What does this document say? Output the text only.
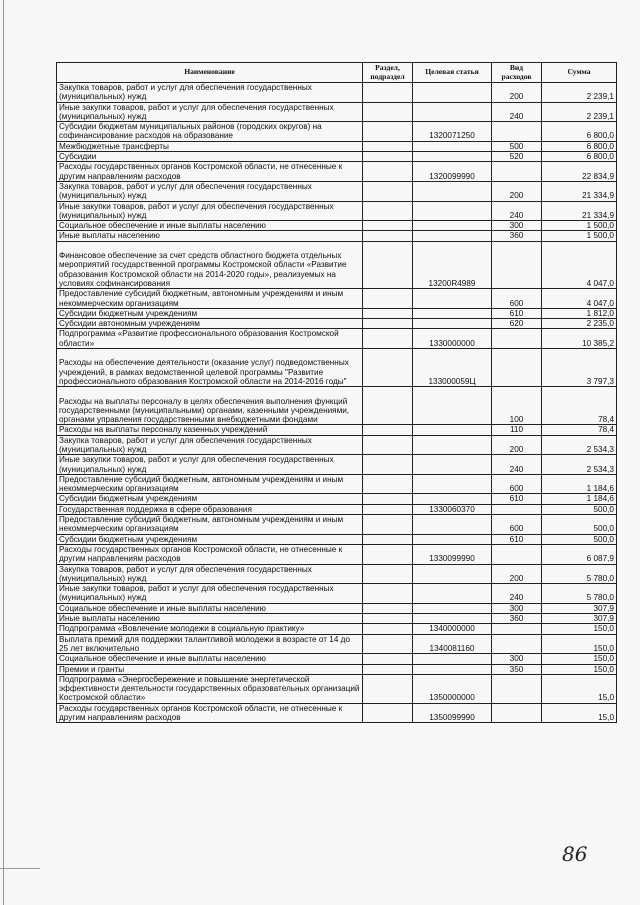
Наименование	Раздел, подраздел	Целевая статья	Вид расходов	Сумма
Закупка товаров, работ и услуг для обеспечения государственных (муниципальных) нужд			200	2 239,1
Иные закупки товаров, работ и услуг для обеспечения государственных (муниципальных) нужд			240	2 239,1
Субсидии бюджетам муниципальных районов (городских округов) на софинансирование расходов на образование		1320071250		6 800,0
Межбюджетные трансферты			500	6 800,0
Субсидии			520	6 800,0
Расходы государственных органов Костромской области, не отнесенные к другим направлениям расходов		1320099990		22 834,9
Закупка товаров, работ и услуг для обеспечения государственных (муниципальных) нужд			200	21 334,9
Иные закупки товаров, работ и услуг для обеспечения государственных (муниципальных) нужд			240	21 334,9
Социальное обеспечение и иные выплаты населению			300	1 500,0
Иные выплаты населению			360	1 500,0
Финансовое обеспечение за счет средств областного бюджета отдельных мероприятий государственной программы Костромской области «Развитие образования Костромской области на 2014-2020 годы», реализуемых на условиях софинансирования		13200R4989		4 047,0
Предоставление субсидий бюджетным, автономным учреждениям и иным некоммерческим организациям			600	4 047,0
Субсидии бюджетным учреждениям			610	1 812,0
Субсидии автономным учреждениям			620	2 235,0
Подпрограмма «Развитие профессионального образования Костромской области»		1330000000		10 385,2
Расходы на обеспечение деятельности (оказание услуг) подведомственных учреждений, в рамках ведомственной целевой программы "Развитие профессионального образования Костромской области на 2014-2016 годы"		133000059Ц		3 797,3
Расходы на выплаты персоналу в целях обеспечения выполнения функций государственными (муниципальными) органами, казенными учреждениями, органами управления государственными внебюджетными фондами			100	78,4
Расходы на выплаты персоналу казенных учреждений			110	78,4
Закупка товаров, работ и услуг для обеспечения государственных (муниципальных) нужд			200	2 534,3
Иные закупки товаров, работ и услуг для обеспечения государственных (муниципальных) нужд			240	2 534,3
Предоставление субсидий бюджетным, автономным учреждениям и иным некоммерческим организациям			600	1 184,6
Субсидии бюджетным учреждениям			610	1 184,6
Государственная поддержка в сфере образования		1330060370		500,0
Предоставление субсидий бюджетным, автономным учреждениям и иным некоммерческим организациям			600	500,0
Субсидии бюджетным учреждениям			610	500,0
Расходы государственных органов Костромской области, не отнесенные к другим направлениям расходов		1330099990		6 087,9
Закупка товаров, работ и услуг для обеспечения государственных (муниципальных) нужд			200	5 780,0
Иные закупки товаров, работ и услуг для обеспечения государственных (муниципальных) нужд			240	5 780,0
Социальное обеспечение и иные выплаты населению			300	307,9
Иные выплаты населению			360	307,9
Подпрограмма «Вовлечение молодежи в социальную практику»		1340000000		150,0
Выплата премий для поддержки талантливой молодежи в возрасте от 14 до 25 лет включительно		1340081160		150,0
Социальное обеспечение и иные выплаты населению			300	150,0
Премии и гранты			350	150,0
Подпрограмма «Энергосбережение и повышение энергетической эффективности деятельности государственных образовательных организаций Костромской области»		1350000000		15,0
Расходы государственных органов Костромской области, не отнесенные к другим направлениям расходов		1350099990		15,0
86
